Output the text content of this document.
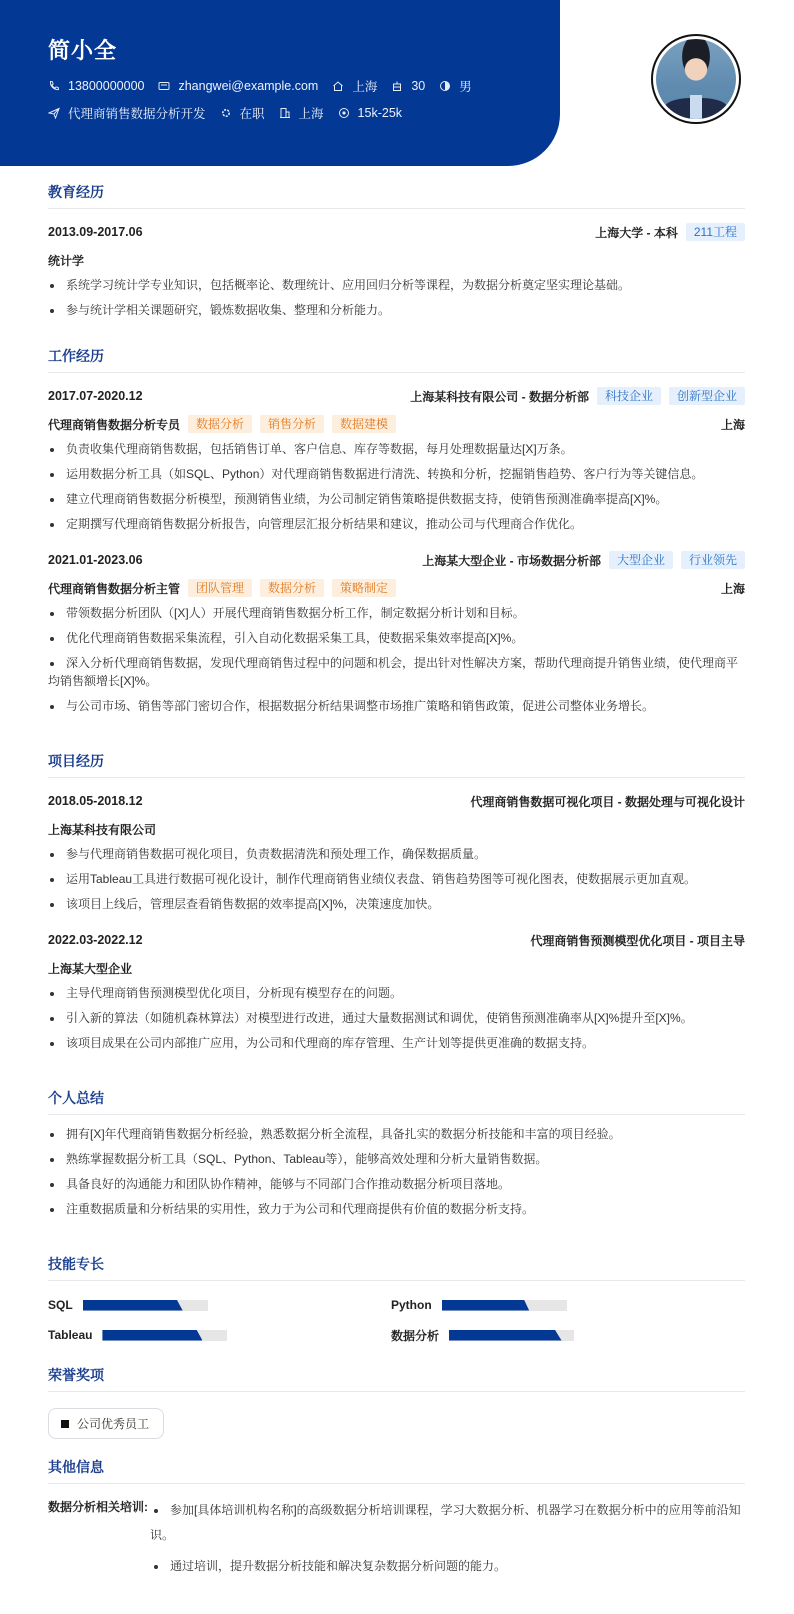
简小全
13800000000	zhangwei@example.com	上海	30	男
代理商销售数据分析开发	在职	上海	15k-25k
教育经历
2013.09-2017.06	上海大学 - 本科	211工程
统计学
系统学习统计学专业知识，包括概率论、数理统计、应用回归分析等课程，为数据分析奠定坚实理论基础。
参与统计学相关课题研究，锻炼数据收集、整理和分析能力。
工作经历
2017.07-2020.12	上海某科技有限公司 - 数据分析部	科技企业	创新型企业
代理商销售数据分析专员	数据分析	销售分析	数据建模	上海
负责收集代理商销售数据，包括销售订单、客户信息、库存等数据，每月处理数据量达[X]万条。
运用数据分析工具（如SQL、Python）对代理商销售数据进行清洗、转换和分析，挖掘销售趋势、客户行为等关键信息。
建立代理商销售数据分析模型，预测销售业绩，为公司制定销售策略提供数据支持，使销售预测准确率提高[X]%。
定期撰写代理商销售数据分析报告，向管理层汇报分析结果和建议，推动公司与代理商合作优化。
2021.01-2023.06	上海某大型企业 - 市场数据分析部	大型企业	行业领先
代理商销售数据分析主管	团队管理	数据分析	策略制定	上海
带领数据分析团队（[X]人）开展代理商销售数据分析工作，制定数据分析计划和目标。
优化代理商销售数据采集流程，引入自动化数据采集工具，使数据采集效率提高[X]%。
深入分析代理商销售数据，发现代理商销售过程中的问题和机会，提出针对性解决方案，帮助代理商提升销售业绩，使代理商平均销售额增长[X]%。
与公司市场、销售等部门密切合作，根据数据分析结果调整市场推广策略和销售政策，促进公司整体业务增长。
项目经历
2018.05-2018.12	代理商销售数据可视化项目 - 数据处理与可视化设计
上海某科技有限公司
参与代理商销售数据可视化项目，负责数据清洗和预处理工作，确保数据质量。
运用Tableau工具进行数据可视化设计，制作代理商销售业绩仪表盘、销售趋势图等可视化图表，使数据展示更加直观。
该项目上线后，管理层查看销售数据的效率提高[X]%，决策速度加快。
2022.03-2022.12	代理商销售预测模型优化项目 - 项目主导
上海某大型企业
主导代理商销售预测模型优化项目，分析现有模型存在的问题。
引入新的算法（如随机森林算法）对模型进行改进，通过大量数据测试和调优，使销售预测准确率从[X]%提升至[X]%。
该项目成果在公司内部推广应用，为公司和代理商的库存管理、生产计划等提供更准确的数据支持。
个人总结
拥有[X]年代理商销售数据分析经验，熟悉数据分析全流程，具备扎实的数据分析技能和丰富的项目经验。
熟练掌握数据分析工具（SQL、Python、Tableau等），能够高效处理和分析大量销售数据。
具备良好的沟通能力和团队协作精神，能够与不同部门合作推动数据分析项目落地。
注重数据质量和分析结果的实用性，致力于为公司和代理商提供有价值的数据分析支持。
技能专长
SQL	Python
Tableau	数据分析
荣誉奖项
公司优秀员工
其他信息
数据分析相关培训:	参加[具体培训机构名称]的高级数据分析培训课程，学习大数据分析、机器学习在数据分析中的应用等前沿知识。
通过培训，提升数据分析技能和解决复杂数据分析问题的能力。
